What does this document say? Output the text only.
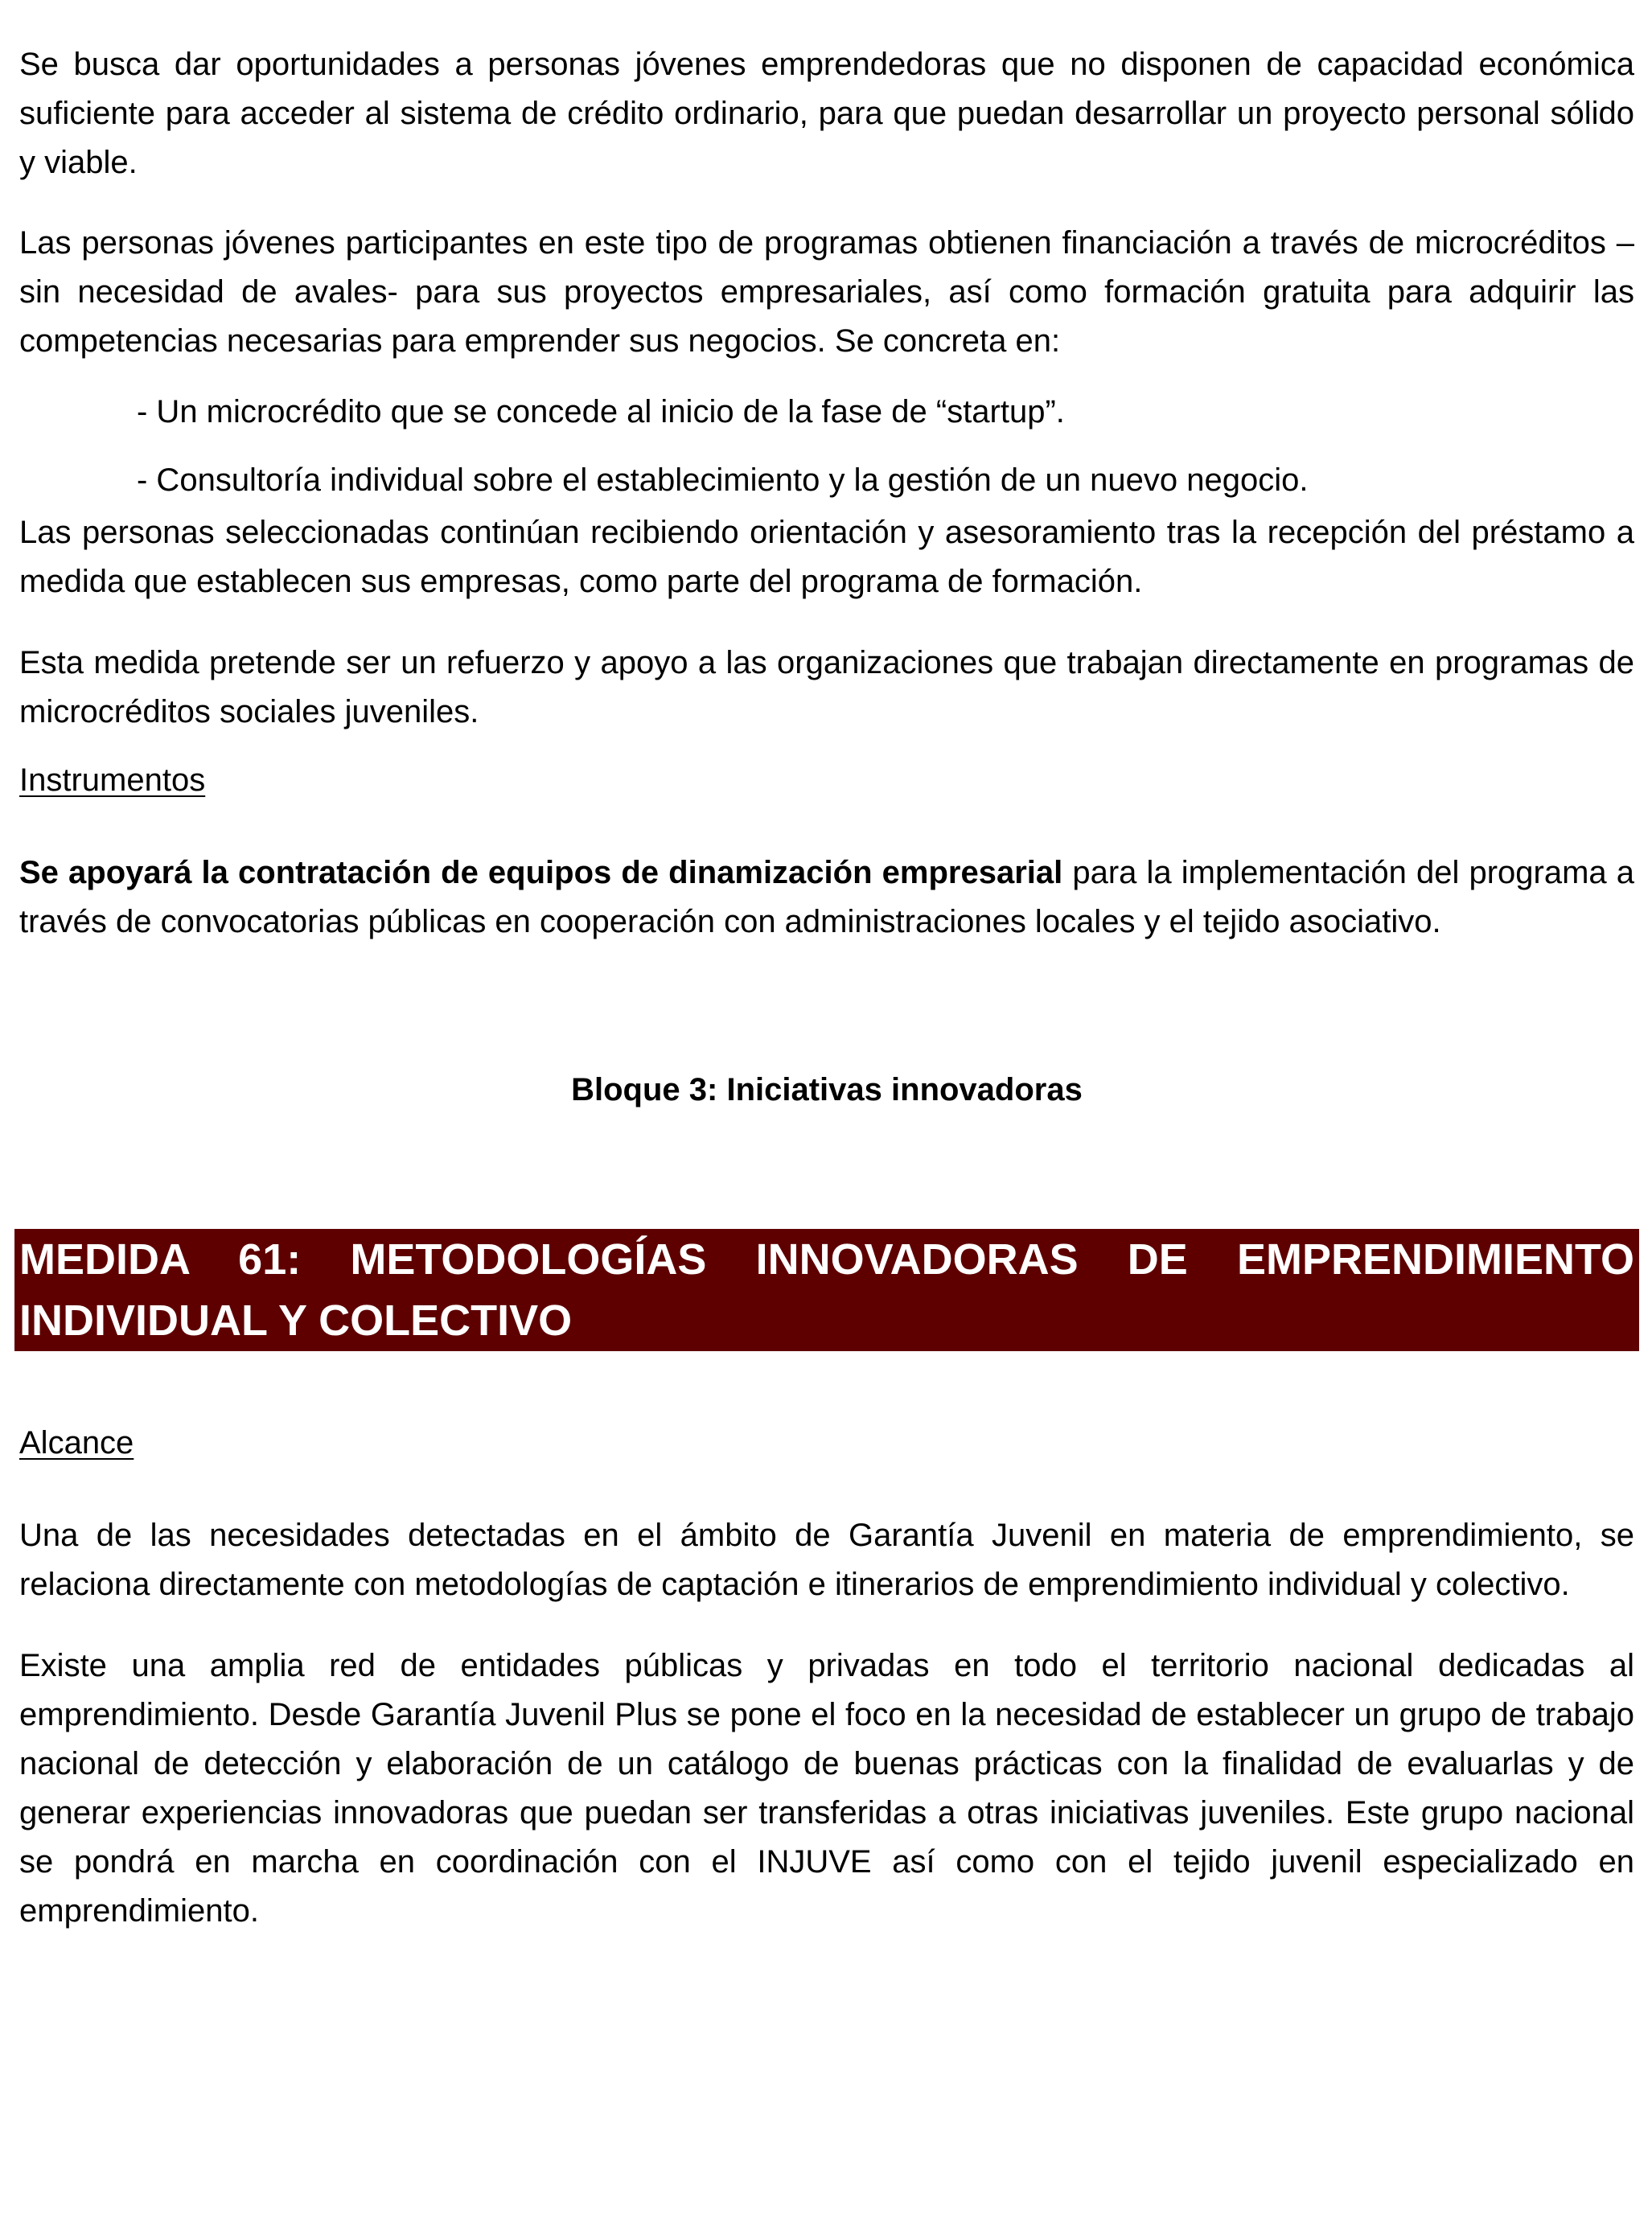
Se busca dar oportunidades a personas jóvenes emprendedoras que no disponen de capacidad económica suficiente para acceder al sistema de crédito ordinario, para que puedan desarrollar un proyecto personal sólido y viable.

Las personas jóvenes participantes en este tipo de programas obtienen financiación a través de microcréditos – sin necesidad de avales- para sus proyectos empresariales, así como formación gratuita para adquirir las competencias necesarias para emprender sus negocios. Se concreta en:

- Un microcrédito que se concede al inicio de la fase de “startup”.

- Consultoría individual sobre el establecimiento y la gestión de un nuevo negocio.

Las personas seleccionadas continúan recibiendo orientación y asesoramiento tras la recepción del préstamo a medida que establecen sus empresas, como parte del programa de formación.

Esta medida pretende ser un refuerzo y apoyo a las organizaciones que trabajan directamente en programas de microcréditos sociales juveniles.

Instrumentos

Se apoyará la contratación de equipos de dinamización empresarial para la implementación del programa a través de convocatorias públicas en cooperación con administraciones locales y el tejido asociativo.

Bloque 3: Iniciativas innovadoras

MEDIDA 61: METODOLOGÍAS INNOVADORAS DE EMPRENDIMIENTO INDIVIDUAL Y COLECTIVO

Alcance

Una de las necesidades detectadas en el ámbito de Garantía Juvenil en materia de emprendimiento, se relaciona directamente con metodologías de captación e itinerarios de emprendimiento individual y colectivo.

Existe una amplia red de entidades públicas y privadas en todo el territorio nacional dedicadas al emprendimiento. Desde Garantía Juvenil Plus se pone el foco en la necesidad de establecer un grupo de trabajo nacional de detección y elaboración de un catálogo de buenas prácticas con la finalidad de evaluarlas y de generar experiencias innovadoras que puedan ser transferidas a otras iniciativas juveniles. Este grupo nacional se pondrá en marcha en coordinación con el INJUVE así como con el tejido juvenil especializado en emprendimiento.
